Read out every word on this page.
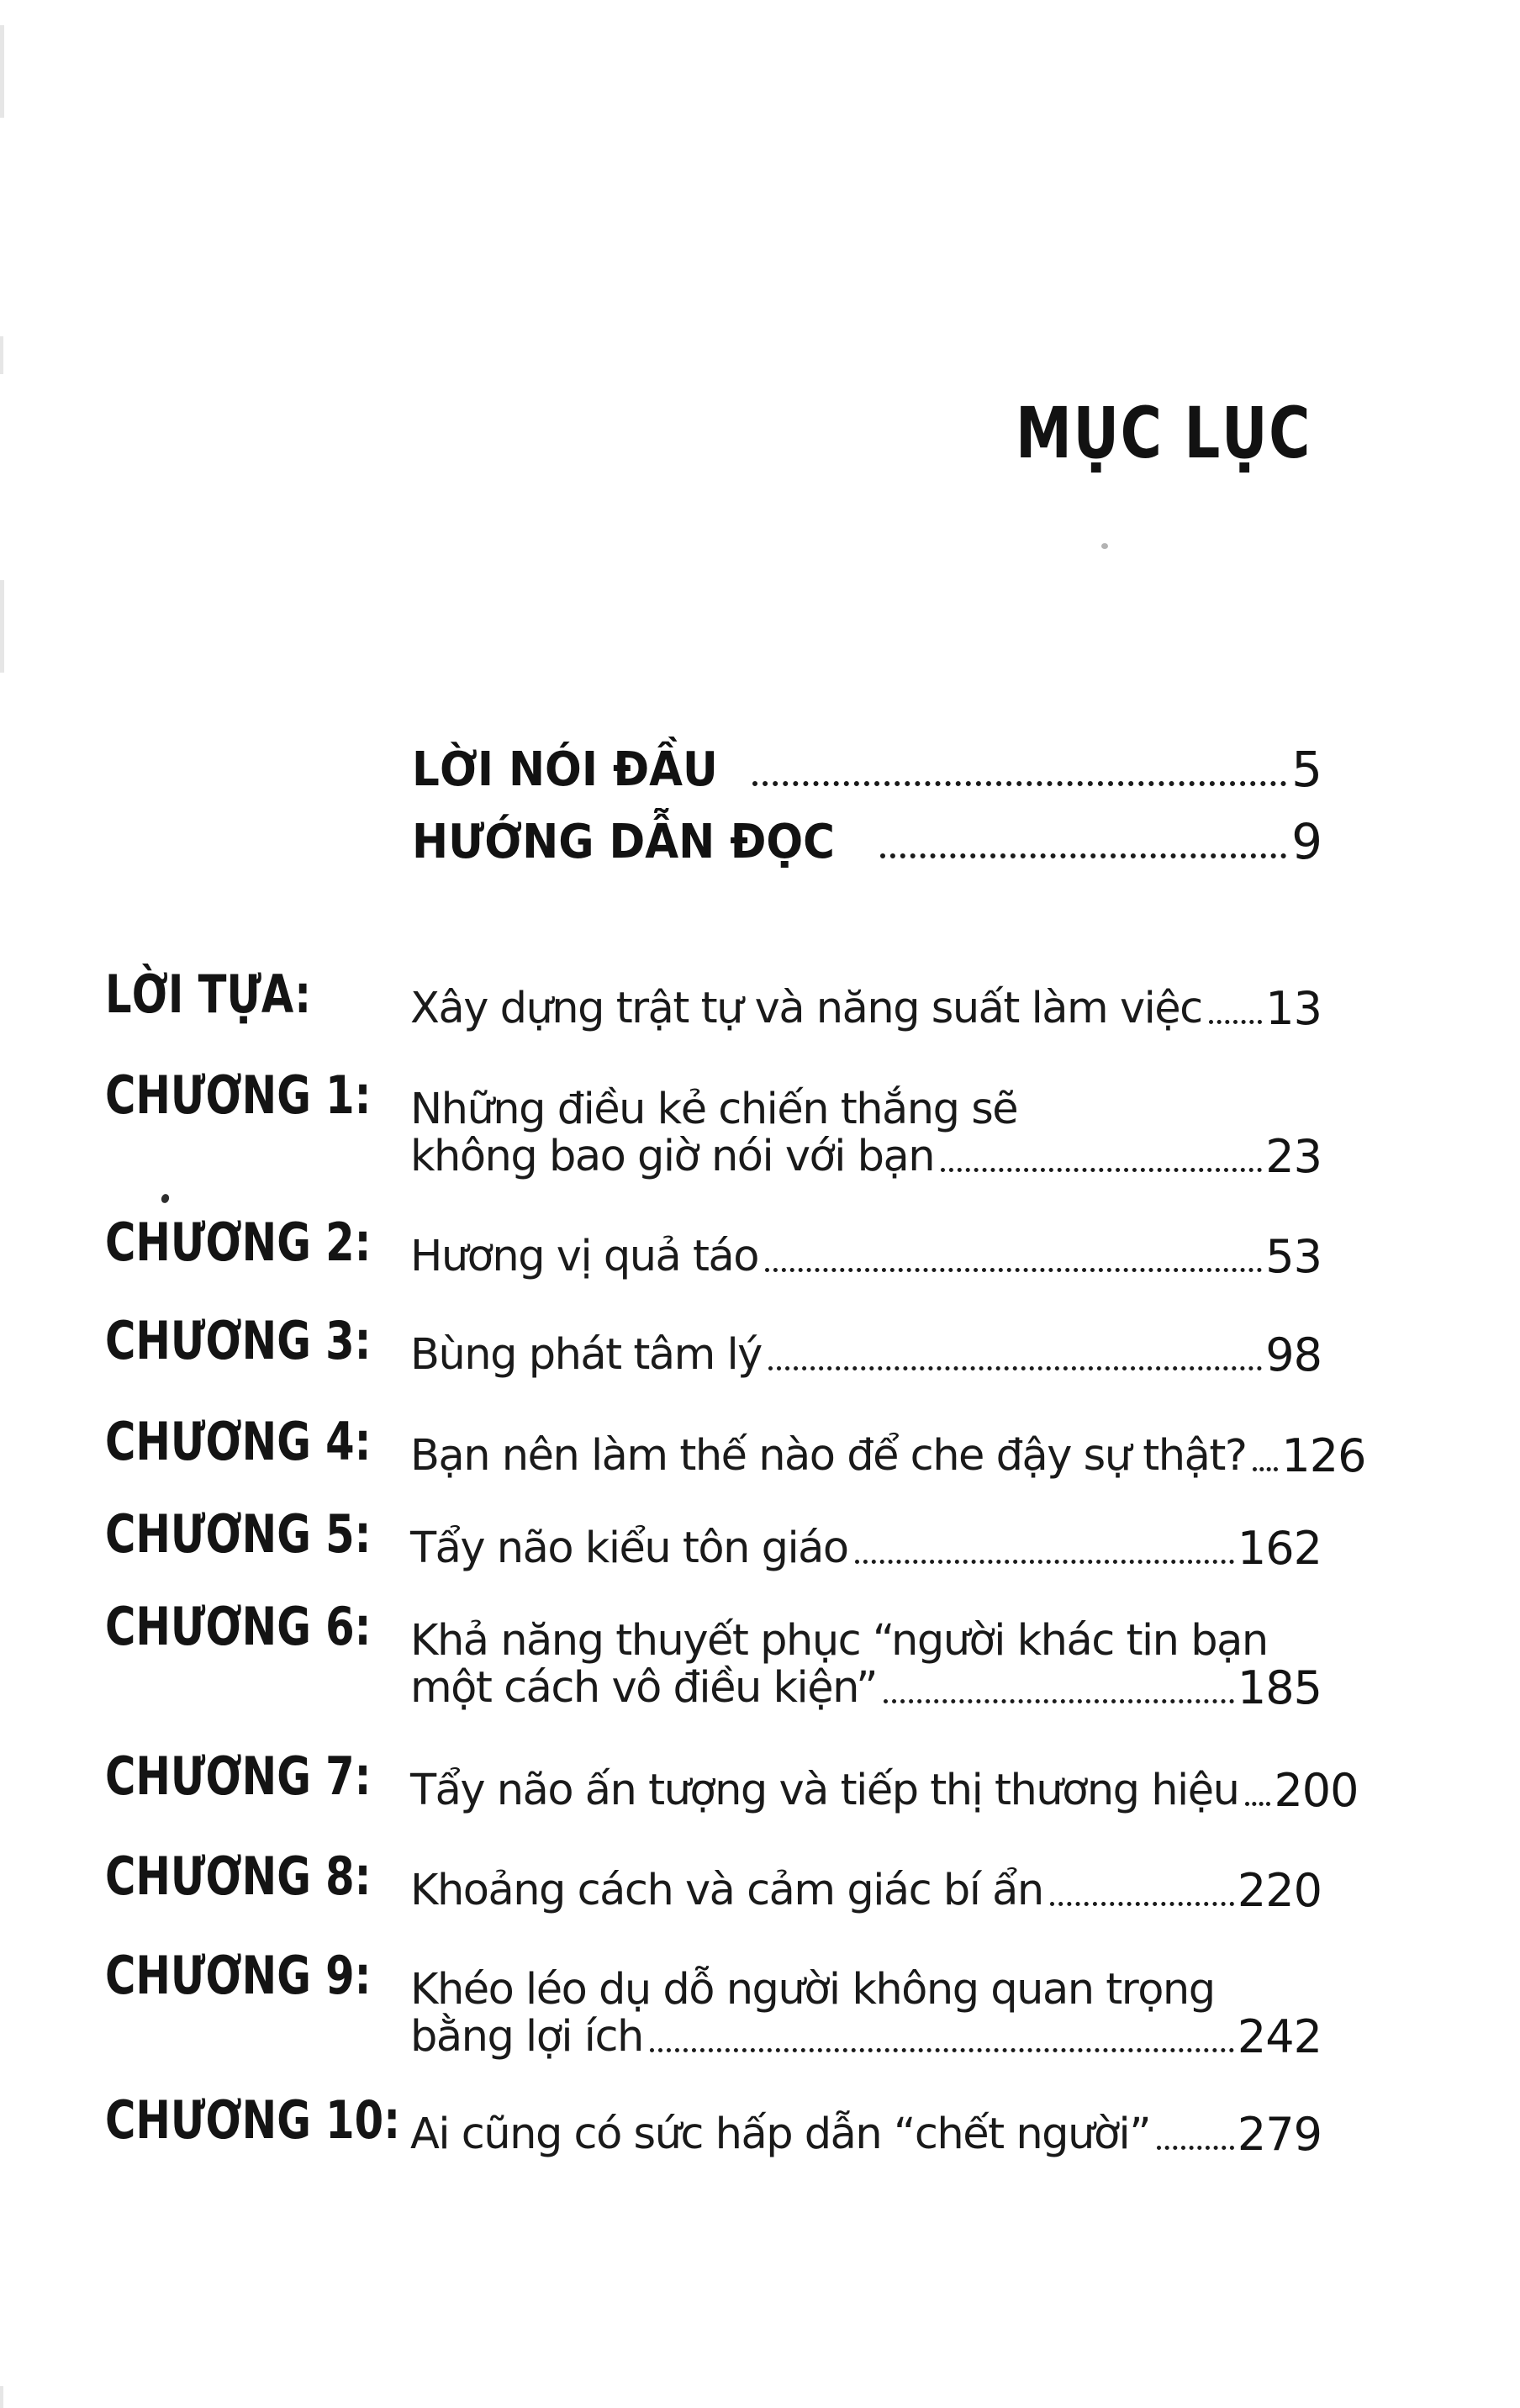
MỤC LỤC
LỜI NÓI ĐẦU	5
HƯỚNG DẪN ĐỌC	9
LỜI TỰA: Xây dựng trật tự và năng suất làm việc 13
CHƯƠNG 1: Những điều kẻ chiến thắng sẽ
không bao giờ nói với bạn	23
CHƯƠNG 2: Hương vị quả táo	53
CHƯƠNG 3: Bùng phát tâm lý	98
CHƯƠNG 4: Bạn nên làm thế nào để che đậy sự thật? 126
CHƯƠNG 5: Tẩy não kiểu tôn giáo	162
CHƯƠNG 6: Khả năng thuyết phục “người khác tin bạn
một cách vô điều kiện”	185
CHƯƠNG 7: Tẩy não ấn tượng và tiếp thị thương hiệu 200
CHƯƠNG 8: Khoảng cách và cảm giác bí ẩn	220
CHƯƠNG 9: Khéo léo dụ dỗ người không quan trọng
bằng lợi ích	242
CHƯƠNG 10: Ai cũng có sức hấp dẫn “chết người” 279
